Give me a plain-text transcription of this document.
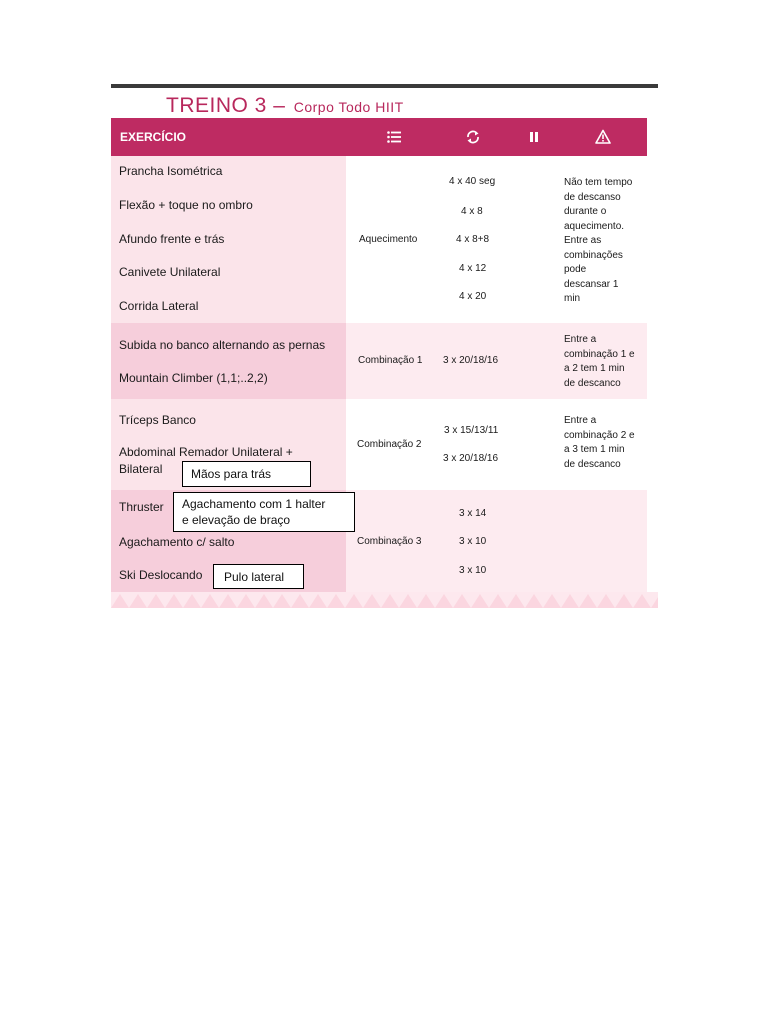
TREINO 3 – Corpo Todo HIIT
EXERCÍCIO
Prancha Isométrica
Flexão + toque no ombro
Afundo frente e trás
Canivete Unilateral
Corrida Lateral
Aquecimento
4 x 40 seg
4 x 8
4 x 8+8
4 x 12
4 x 20
Não tem tempo
de descanso
durante o
aquecimento.
Entre as
combinações
pode
descansar 1
min
Subida no banco alternando as pernas
Mountain Climber (1,1;..2,2)
Combinação 1 3 x 20/18/16
Entre a
combinação 1 e
a 2 tem 1 min
de descanco
Tríceps Banco
Abdominal Remador Unilateral +
Bilateral
Combinação 2
3 x 15/13/11
3 x 20/18/16
Entre a
combinação 2 e
a 3 tem 1 min
de descanco
Thruster
Agachamento c/ salto
Ski Deslocando
Combinação 3
3 x 14
3 x 10
3 x 10
Mãos para trás
Agachamento com 1 halter
e elevação de braço
Pulo lateral
